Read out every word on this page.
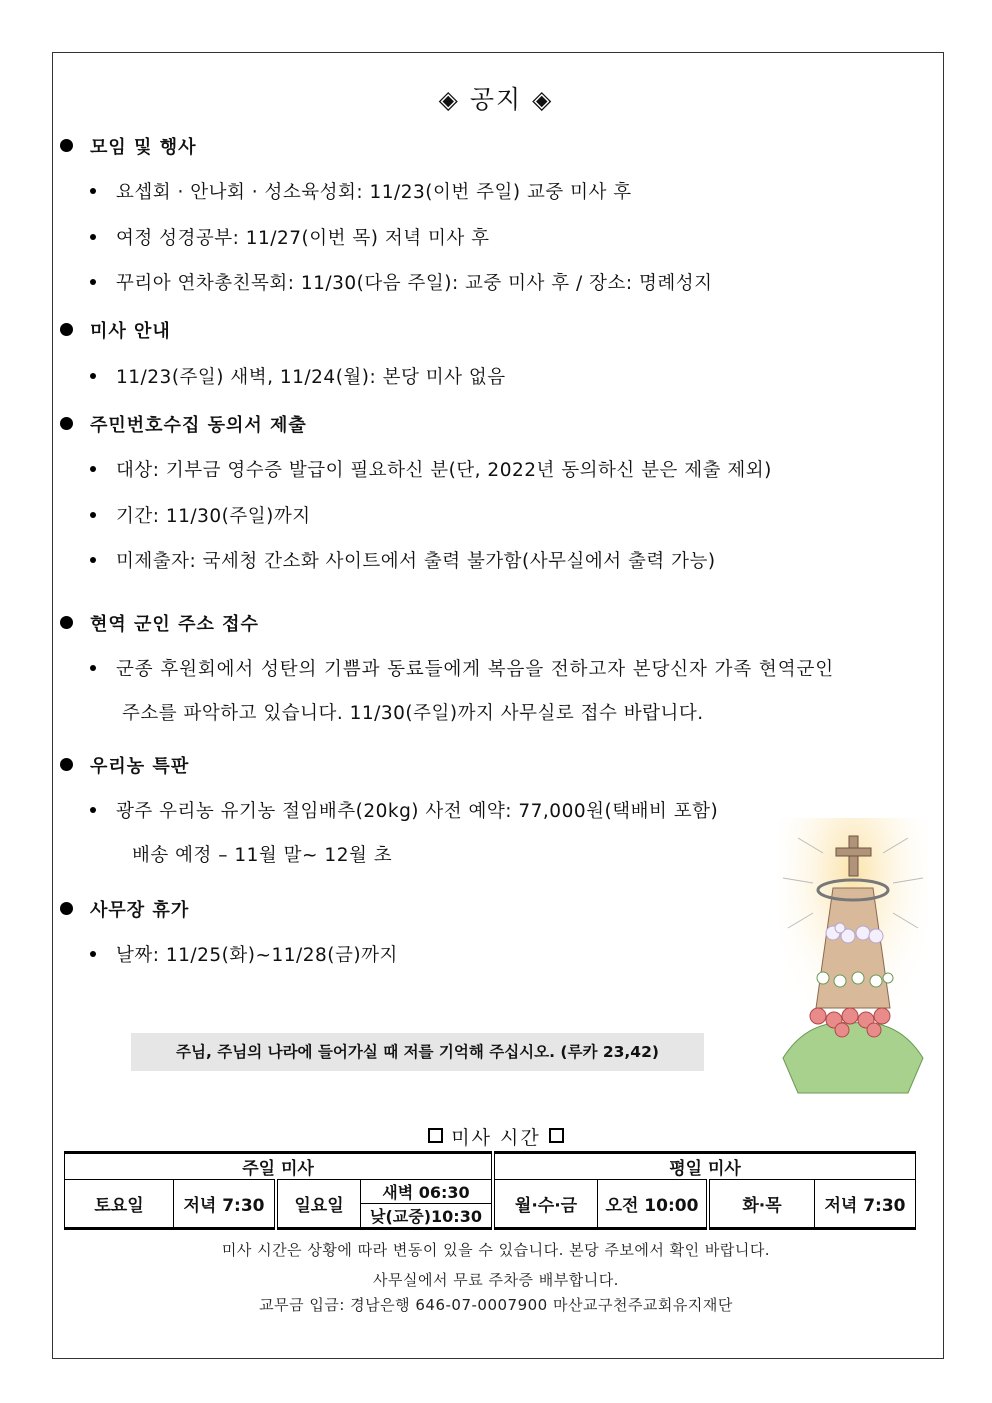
◈ 공지 ◈
모임 및 행사
요셉회 · 안나회 · 성소육성회: 11/23(이번 주일) 교중 미사 후
여정 성경공부: 11/27(이번 목) 저녁 미사 후
꾸리아 연차총친목회: 11/30(다음 주일): 교중 미사 후 / 장소: 명례성지
미사 안내
11/23(주일) 새벽, 11/24(월): 본당 미사 없음
주민번호수집 동의서 제출
대상: 기부금 영수증 발급이 필요하신 분(단, 2022년 동의하신 분은 제출 제외)
기간: 11/30(주일)까지
미제출자: 국세청 간소화 사이트에서 출력 불가함(사무실에서 출력 가능)
현역 군인 주소 접수
군종 후원회에서 성탄의 기쁨과 동료들에게 복음을 전하고자 본당신자 가족 현역군인
주소를 파악하고 있습니다. 11/30(주일)까지 사무실로 접수 바랍니다.
우리농 특판
광주 우리농 유기농 절임배추(20kg) 사전 예약: 77,000원(택배비 포함)
배송 예정 – 11월 말~ 12월 초
사무장 휴가
날짜: 11/25(화)~11/28(금)까지
주님, 주님의 나라에 들어가실 때 저를 기억해 주십시오. (루카 23,42)
미사 시간
주일 미사				평일 미사			
토요일	저녁 7:30	일요일	새벽 06:30	월·수·금	오전 10:00	화·목	저녁 7:30
			낮(교중)10:30				
미사 시간은 상황에 따라 변동이 있을 수 있습니다. 본당 주보에서 확인 바랍니다.
사무실에서 무료 주차증 배부합니다.
교무금 입금: 경남은행 646-07-0007900 마산교구천주교회유지재단
